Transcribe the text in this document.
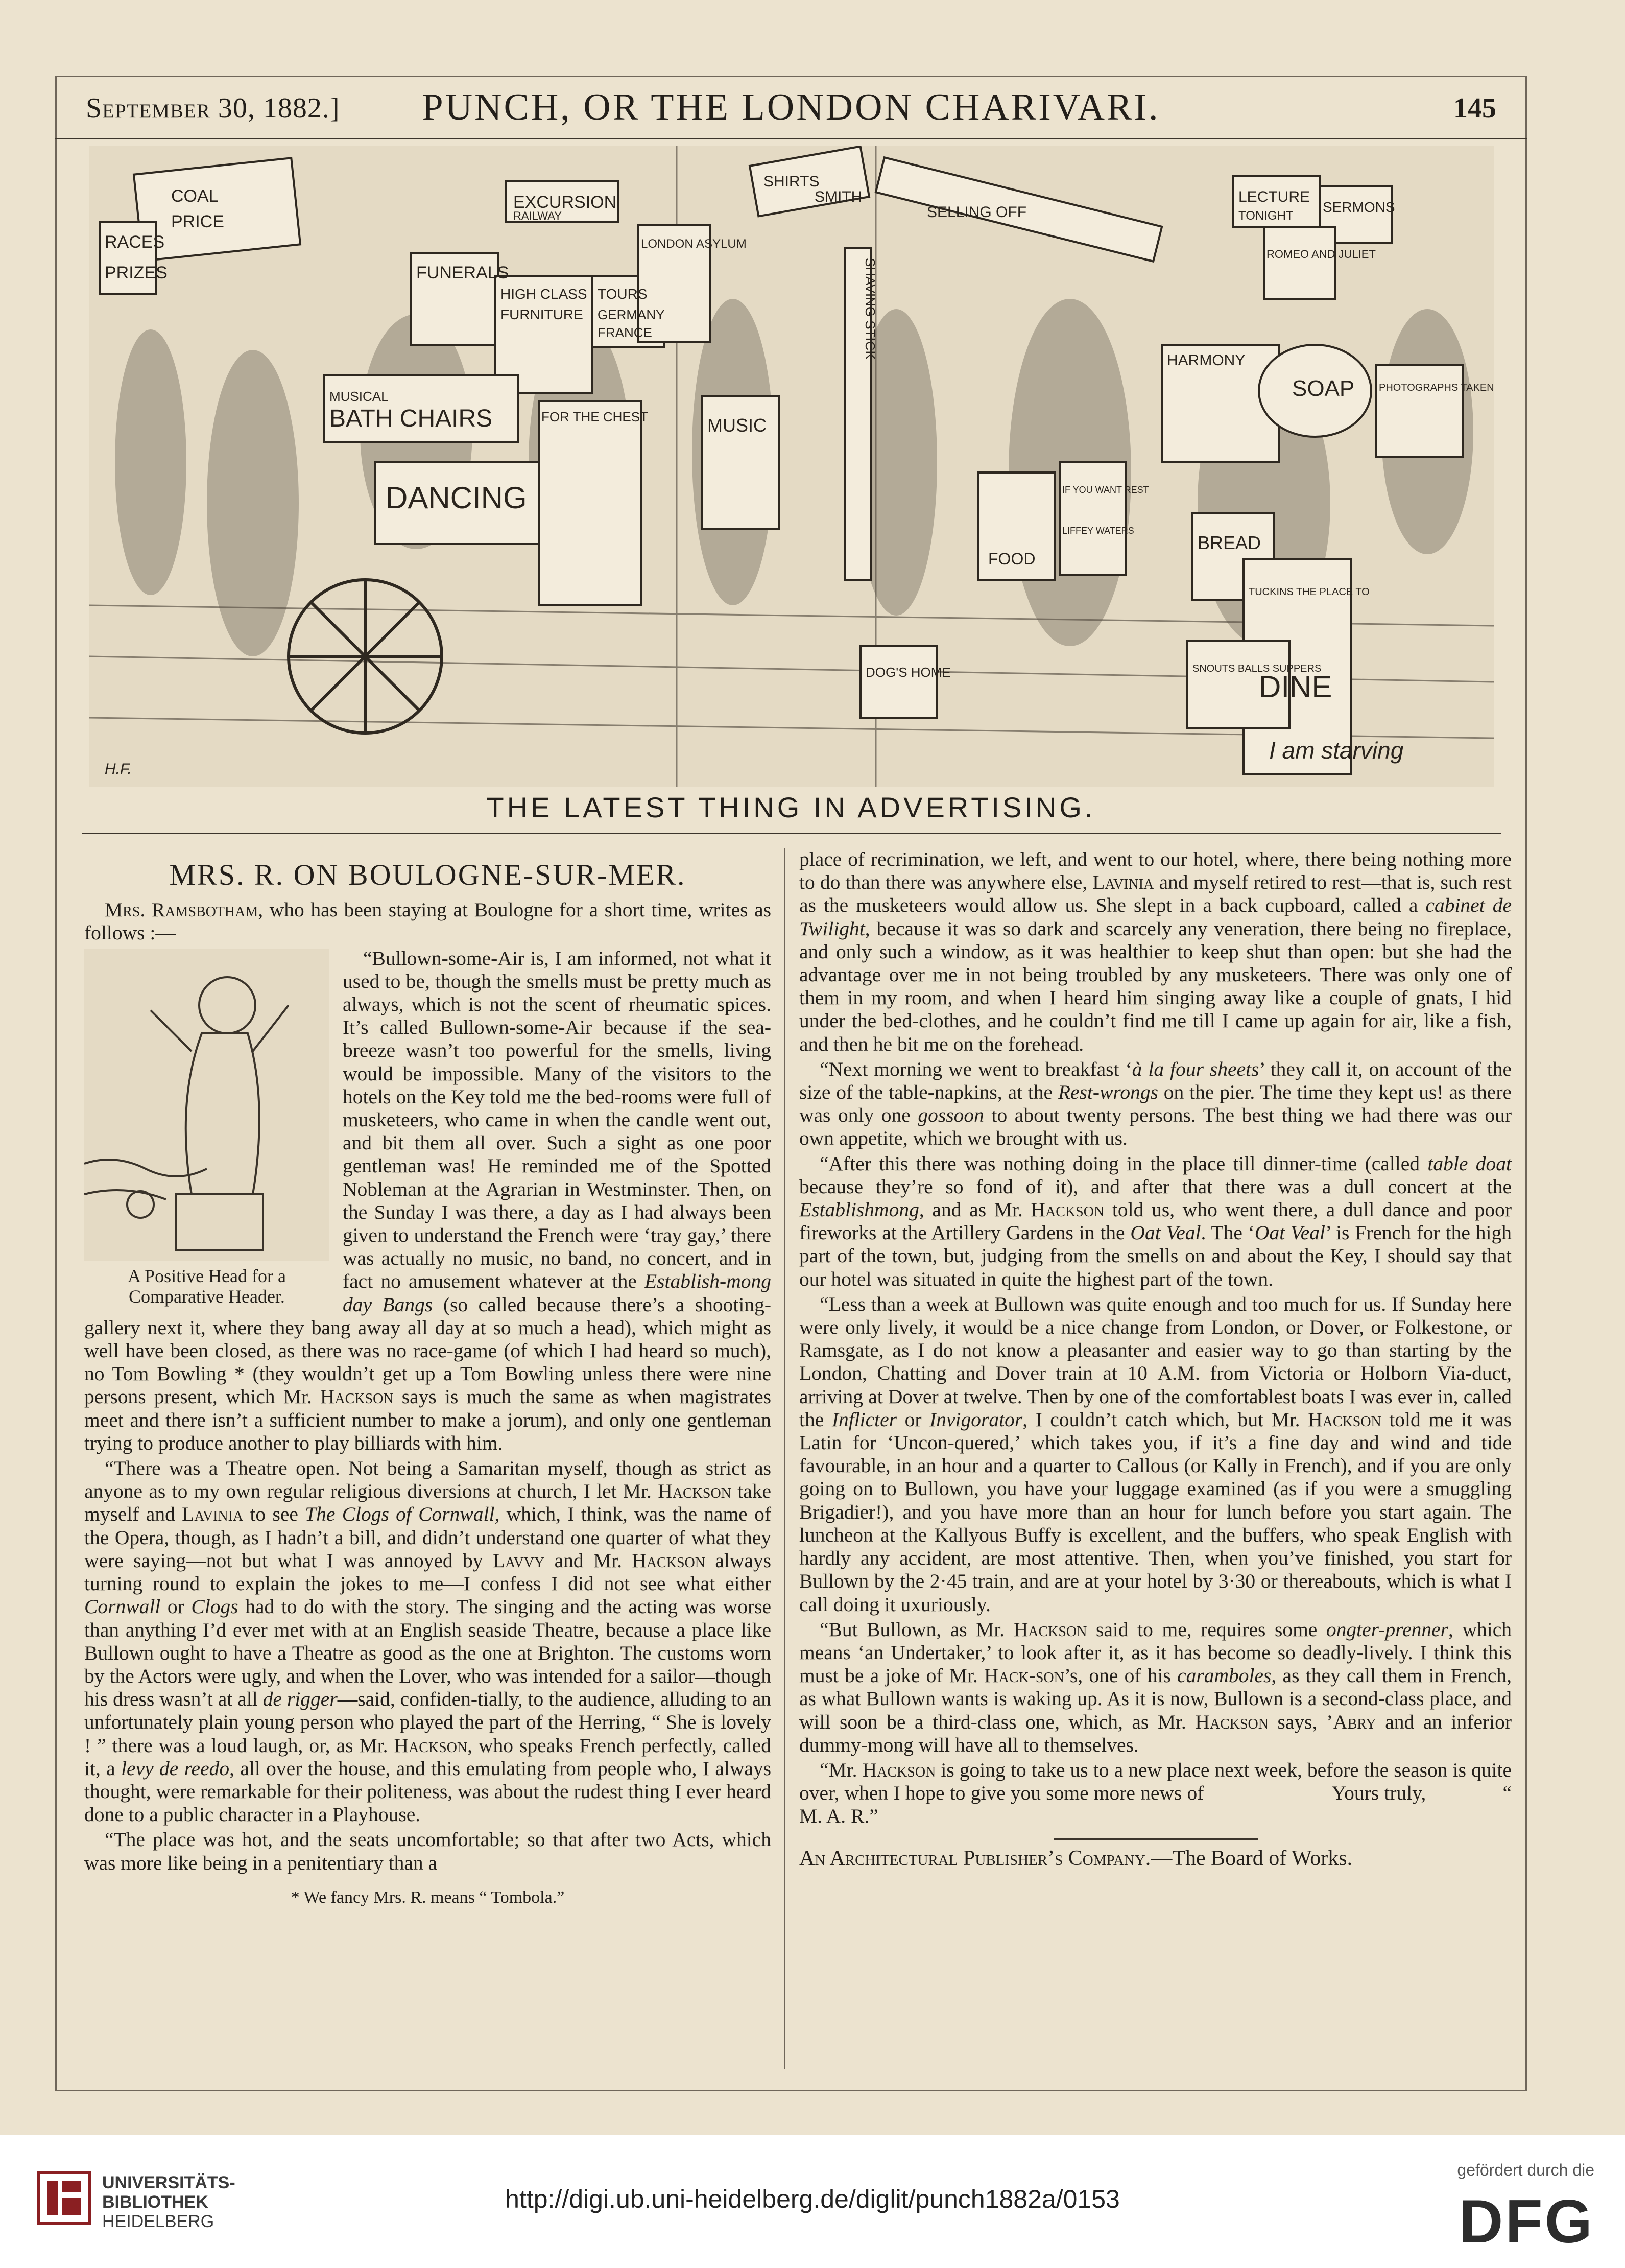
September 30, 1882.]	PUNCH, OR THE LONDON CHARIVARI.	145
COAL
PRICE
RACES
PRIZES
EXCURSION
RAILWAY
FUNERALS
HIGH CLASS
FURNITURE
TOURS
GERMANY
FRANCE
LONDON ASYLUM
MUSICAL
BATH CHAIRS
DANCING
FOR THE CHEST	MUSIC
SHIRTS
SMITH
SELLING OFF
SHAVING STICK
LECTURE
TONIGHT
SERMONS
ROMEO AND JULIET
HARMONY
SOAP PHOTOGRAPHS TAKEN
BREAD
FOOD
IF YOU WANT REST
LIFFEY WATERS
TUCKINS THE PLACE TO
DINE
SNOUTS BALLS SUPPERS
DOG'S HOME
I am starving
H.F.
THE LATEST THING IN ADVERTISING.
MRS. R. ON BOULOGNE-SUR-MER.

Mrs. Ramsbotham, who has been staying at Boulogne for a short time, writes as follows :—

A Positive Head for a
Comparative Header.

“Bullown-some-Air is, I am informed, not what it used to be, though the smells must be pretty much as always, which is not the scent of rheumatic spices. It’s called Bullown-some-Air because if the sea-breeze wasn’t too powerful for the smells, living would be impossible. Many of the visitors to the hotels on the Key told me the bed-rooms were full of musketeers, who came in when the candle went out, and bit them all over. Such a sight as one poor gentleman was! He reminded me of the Spotted Nobleman at the Agrarian in Westminster. Then, on the Sunday I was there, a day as I had always been given to understand the French were ‘tray gay,’ there was actually no music, no band, no concert, and in fact no amusement whatever at the Establish-mong day Bangs (so called because there’s a shooting-gallery next it, where they bang away all day at so much a head), which might as well have been closed, as there was no race-game (of which I had heard so much), no Tom Bowling * (they wouldn’t get up a Tom Bowling unless there were nine persons present, which Mr. Hackson says is much the same as when magistrates meet and there isn’t a sufficient number to make a jorum), and only one gentleman trying to produce another to play billiards with him.

“There was a Theatre open. Not being a Samaritan myself, though as strict as anyone as to my own regular religious diversions at church, I let Mr. Hackson take myself and Lavinia to see The Clogs of Cornwall, which, I think, was the name of the Opera, though, as I hadn’t a bill, and didn’t understand one quarter of what they were saying—not but what I was annoyed by Lavvy and Mr. Hackson always turning round to explain the jokes to me—I confess I did not see what either Cornwall or Clogs had to do with the story. The singing and the acting was worse than anything I’d ever met with at an English seaside Theatre, because a place like Bullown ought to have a Theatre as good as the one at Brighton. The customs worn by the Actors were ugly, and when the Lover, who was intended for a sailor—though his dress wasn’t at all de rigger—said, confiden-tially, to the audience, alluding to an unfortunately plain young person who played the part of the Herring, “ She is lovely ! ” there was a loud laugh, or, as Mr. Hackson, who speaks French perfectly, called it, a levy de reedo, all over the house, and this emulating from people who, I always thought, were remarkable for their politeness, was about the rudest thing I ever heard done to a public character in a Playhouse.

“The place was hot, and the seats uncomfortable; so that after two Acts, which was more like being in a penitentiary than a

* We fancy Mrs. R. means “ Tombola.”

place of recrimination, we left, and went to our hotel, where, there being nothing more to do than there was anywhere else, Lavinia and myself retired to rest—that is, such rest as the musketeers would allow us. She slept in a back cupboard, called a cabinet de Twilight, because it was so dark and scarcely any veneration, there being no fireplace, and only such a window, as it was healthier to keep shut than open: but she had the advantage over me in not being troubled by any musketeers. There was only one of them in my room, and when I heard him singing away like a couple of gnats, I hid under the bed-clothes, and he couldn’t find me till I came up again for air, like a fish, and then he bit me on the forehead.

“Next morning we went to breakfast ‘à la four sheets’ they call it, on account of the size of the table-napkins, at the Rest-wrongs on the pier. The time they kept us! as there was only one gossoon to about twenty persons. The best thing we had there was our own appetite, which we brought with us.

“After this there was nothing doing in the place till dinner-time (called table doat because they’re so fond of it), and after that there was a dull concert at the Establishmong, and as Mr. Hackson told us, who went there, a dull dance and poor fireworks at the Artillery Gardens in the Oat Veal. The ‘Oat Veal’ is French for the high part of the town, but, judging from the smells on and about the Key, I should say that our hotel was situated in quite the highest part of the town.

“Less than a week at Bullown was quite enough and too much for us. If Sunday here were only lively, it would be a nice change from London, or Dover, or Folkestone, or Ramsgate, as I do not know a pleasanter and easier way to go than starting by the London, Chatting and Dover train at 10 A.M. from Victoria or Holborn Via-duct, arriving at Dover at twelve. Then by one of the comfortablest boats I was ever in, called the Inflicter or Invigorator, I couldn’t catch which, but Mr. Hackson told me it was Latin for ‘Uncon-quered,’ which takes you, if it’s a fine day and wind and tide favourable, in an hour and a quarter to Callous (or Kally in French), and if you are only going on to Bullown, you have your luggage examined (as if you were a smuggling Brigadier!), and you have more than an hour for lunch before you start again. The luncheon at the Kallyous Buffy is excellent, and the buffers, who speak English with hardly any accident, are most attentive. Then, when you’ve finished, you start for Bullown by the 2·45 train, and are at your hotel by 3·30 or thereabouts, which is what I call doing it uxuriously.

“But Bullown, as Mr. Hackson said to me, requires some ongter-prenner, which means ‘an Undertaker,’ to look after it, as it has become so deadly-lively. I think this must be a joke of Mr. Hack-son’s, one of his caramboles, as they call them in French, as what Bullown wants is waking up. As it is now, Bullown is a second-class place, and will soon be a third-class one, which, as Mr. Hackson says, ’Abry and an inferior dummy-mong will have all to themselves.

“Mr. Hackson is going to take us to a new place next week, before the season is quite over, when I hope to give you some more news of	Yours truly,	“ M. A. R.”

An Architectural Publisher’s Company.—The Board of Works.
UNIVERSITÄTS-
BIBLIOTHEK
HEIDELBERG
http://digi.ub.uni-heidelberg.de/diglit/punch1882a/0153
gefördert durch die
DFG
